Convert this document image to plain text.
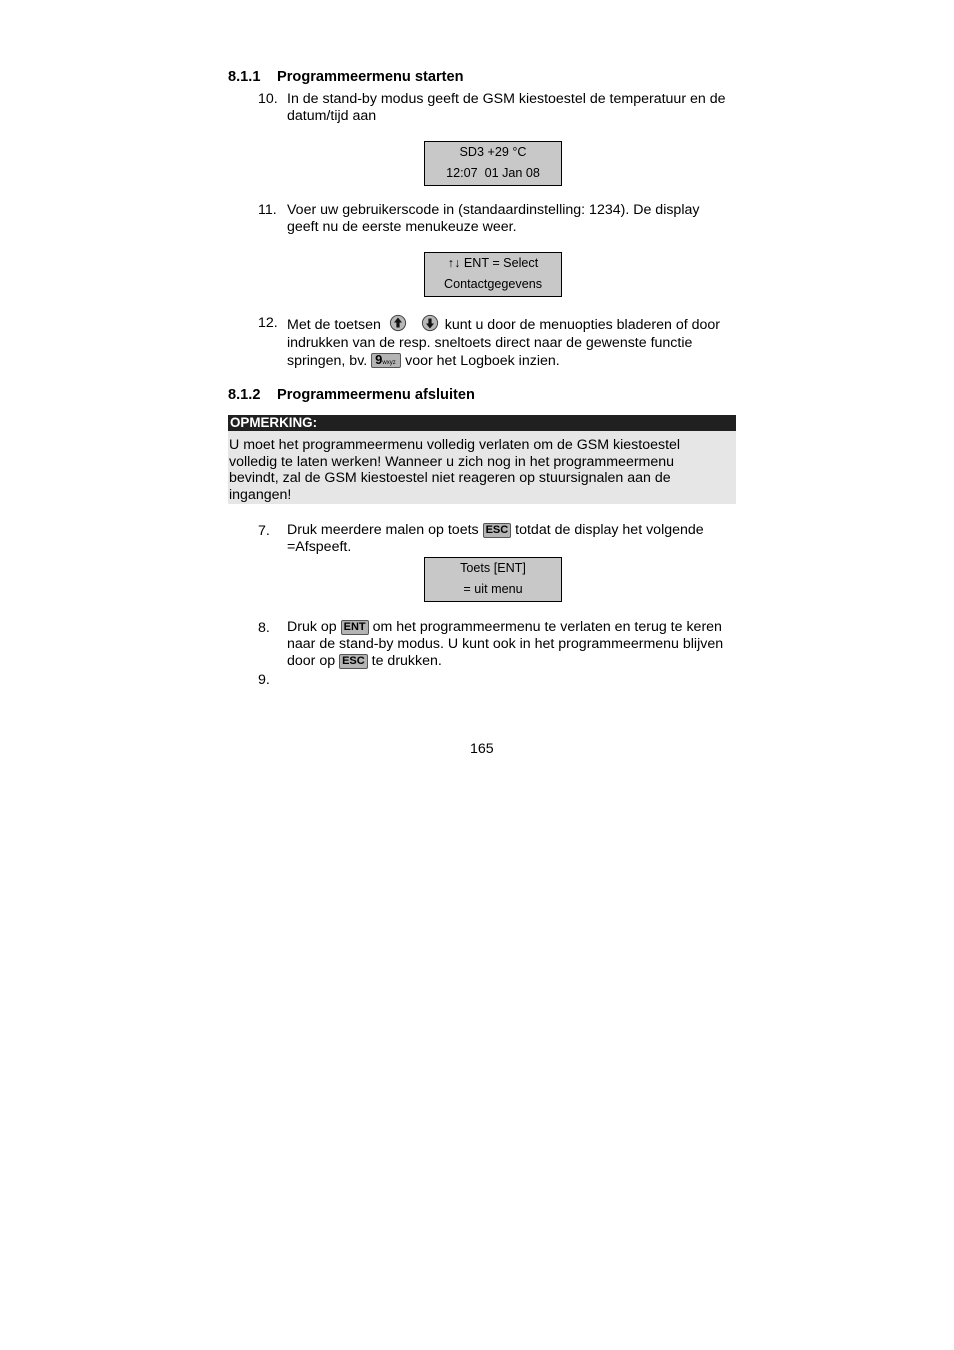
8.1.1 Programmeermenu starten
10. In de stand-by modus geeft de GSM kiestoestel de temperatuur en de
datum/tijd aan
SD3 +29 °C
12:07  01 Jan 08
11. Voer uw gebruikerscode in (standaardinstelling: 1234). De display
geeft nu de eerste menukeuze weer.
↑↓ ENT = Select
Contactgegevens
12. Met de toetsen	kunt u door de menuopties bladeren of door
indrukken van de resp. sneltoets direct naar de gewenste functie
springen, bv. 9wxyz voor het Logboek inzien.
8.1.2 Programmeermenu afsluiten
OPMERKING:
U moet het programmeermenu volledig verlaten om de GSM kiestoestel
volledig te laten werken! Wanneer u zich nog in het programmeermenu
bevindt, zal de GSM kiestoestel niet reageren op stuursignalen aan de
ingangen!
7. Druk meerdere malen op toets ESC totdat de display het volgende
=Afspeeft.
Toets [ENT]
= uit menu
8. Druk op ENT om het programmeermenu te verlaten en terug te keren
naar de stand-by modus. U kunt ook in het programmeermenu blijven
door op ESC te drukken.
9.
165
